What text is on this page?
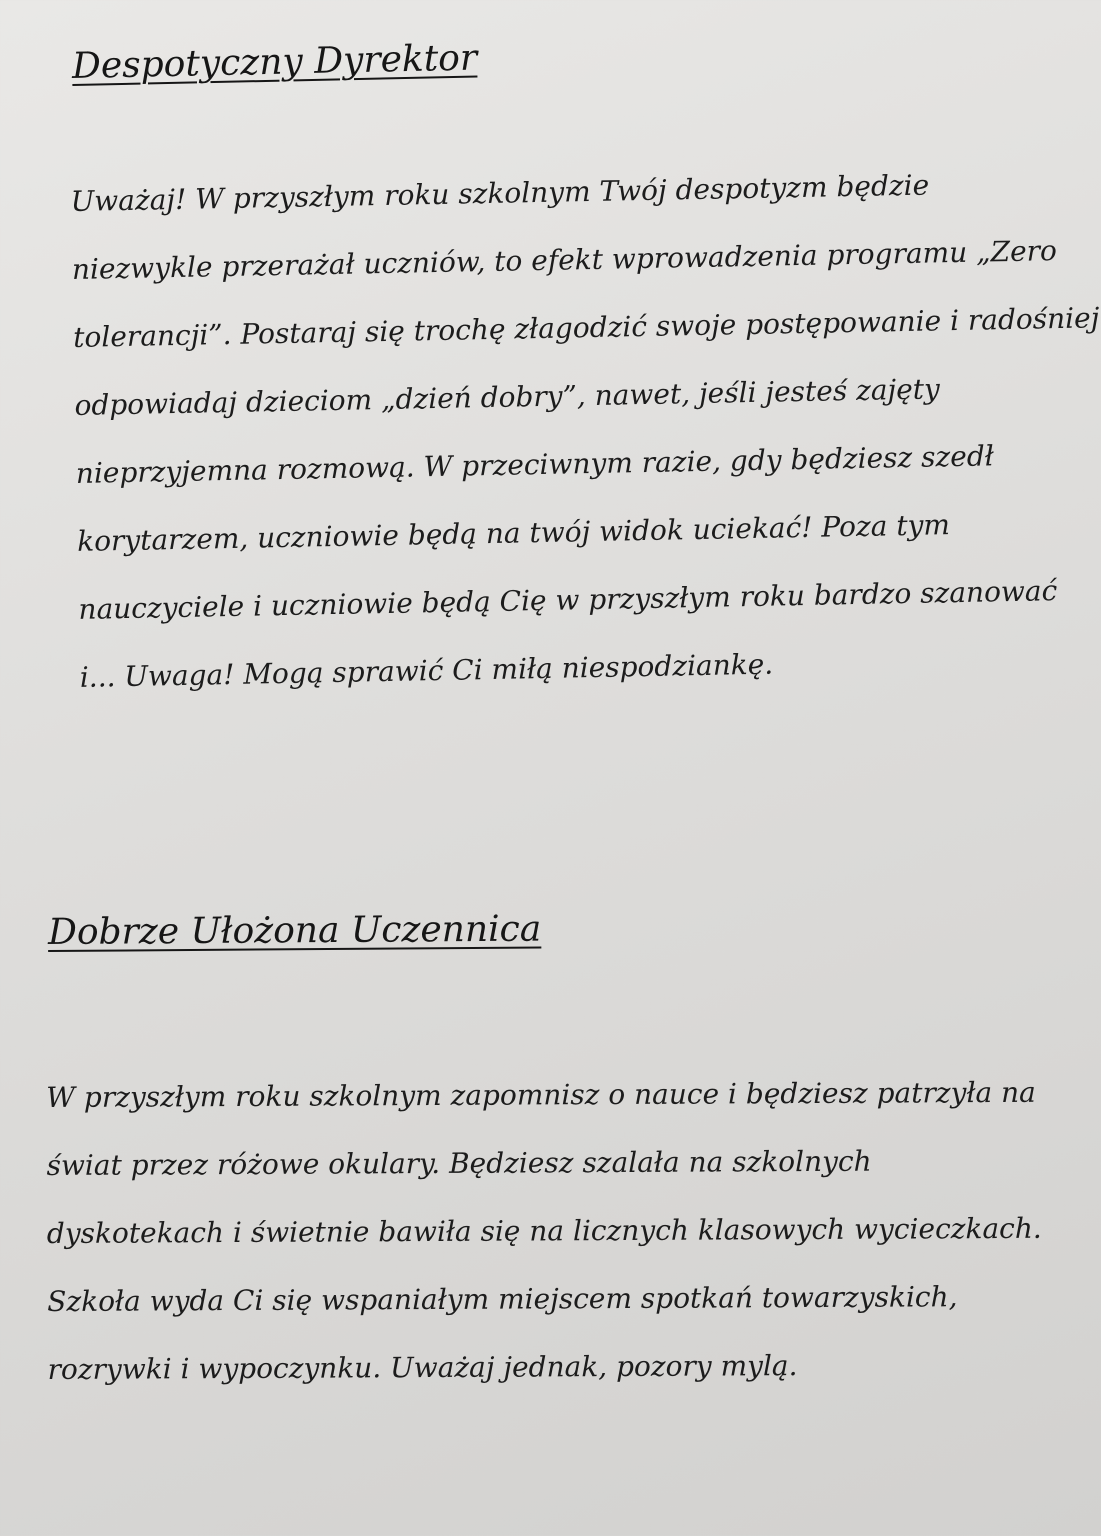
Despotyczny Dyrektor

Uważaj! W przyszłym roku szkolnym Twój despotyzm będzie
niezwykle przerażał uczniów, to efekt wprowadzenia programu „Zero
tolerancji”. Postaraj się trochę złagodzić swoje postępowanie i radośniej
odpowiadaj dzieciom „dzień dobry”, nawet, jeśli jesteś zajęty
nieprzyjemna rozmową. W przeciwnym razie, gdy będziesz szedł
korytarzem, uczniowie będą na twój widok uciekać! Poza tym
nauczyciele i uczniowie będą Cię w przyszłym roku bardzo szanować
i... Uwaga! Mogą sprawić Ci miłą niespodziankę.

Dobrze Ułożona Uczennica

W przyszłym roku szkolnym zapomnisz o nauce i będziesz patrzyła na
świat przez różowe okulary. Będziesz szalała na szkolnych
dyskotekach i świetnie bawiła się na licznych klasowych wycieczkach.
Szkoła wyda Ci się wspaniałym miejscem spotkań towarzyskich,
rozrywki i wypoczynku. Uważaj jednak, pozory mylą.
